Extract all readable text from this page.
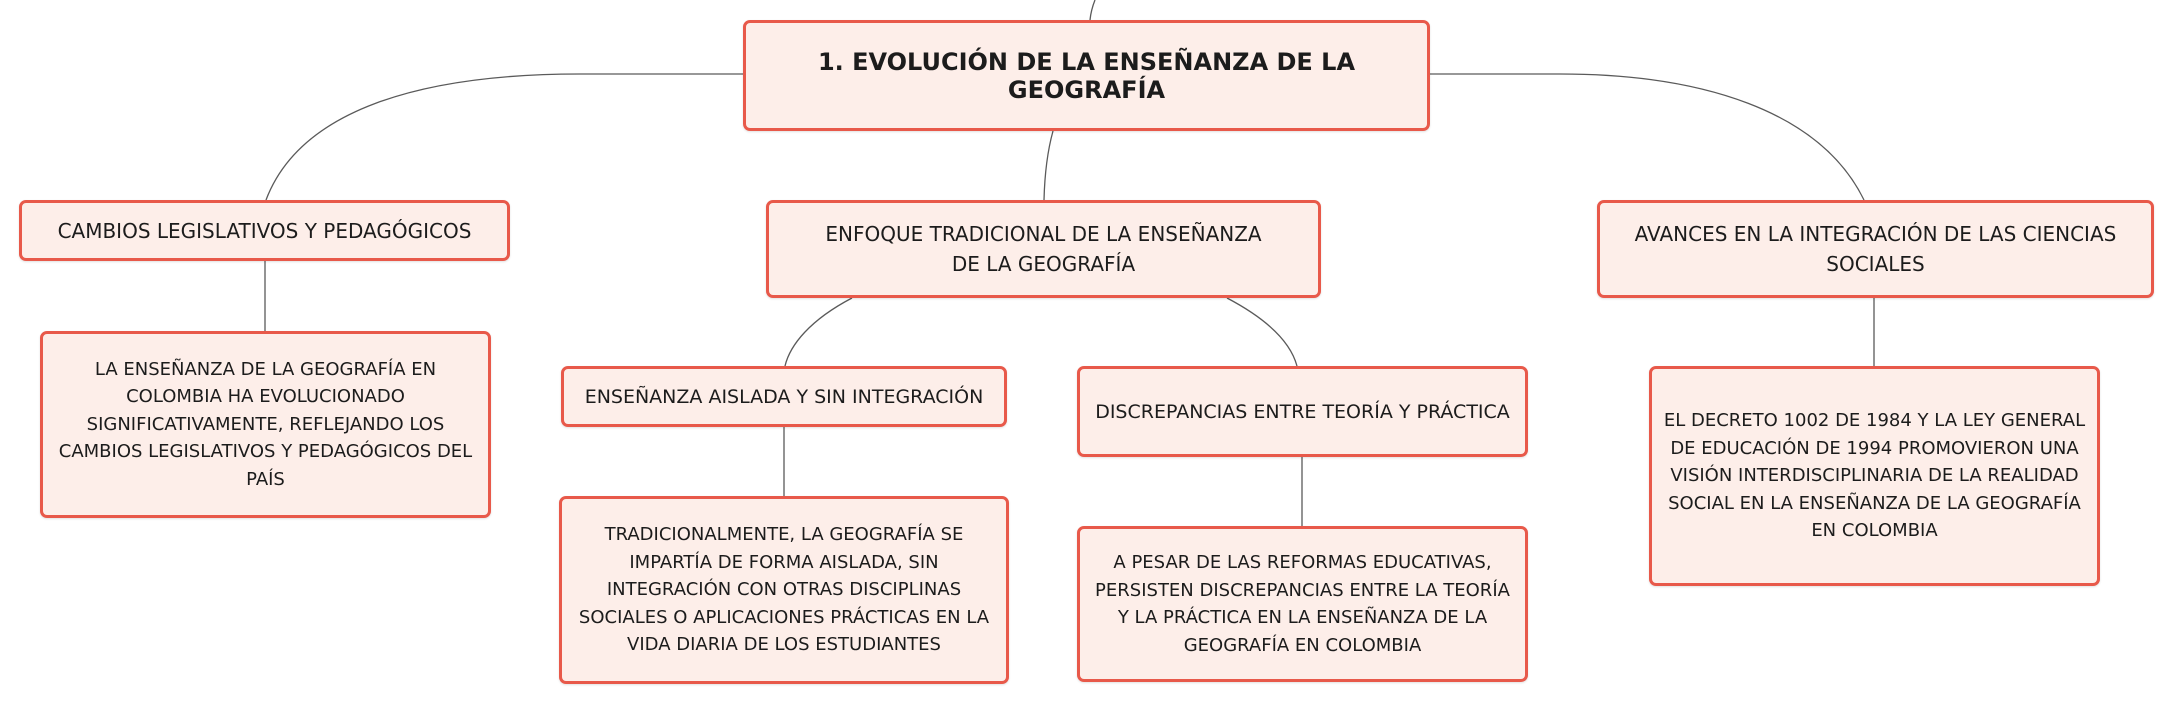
1. EVOLUCIÓN DE LA ENSEÑANZA DE LA GEOGRAFÍA
CAMBIOS LEGISLATIVOS Y PEDAGÓGICOS	ENFOQUE TRADICIONAL DE LA ENSEÑANZA DE LA GEOGRAFÍA
AVANCES EN LA INTEGRACIÓN DE LAS CIENCIAS SOCIALES
LA ENSEÑANZA DE LA GEOGRAFÍA EN COLOMBIA HA EVOLUCIONADO SIGNIFICATIVAMENTE, REFLEJANDO LOS CAMBIOS LEGISLATIVOS Y PEDAGÓGICOS DEL PAÍS
ENSEÑANZA AISLADA Y SIN INTEGRACIÓN
DISCREPANCIAS ENTRE TEORÍA Y PRÁCTICA
TRADICIONALMENTE, LA GEOGRAFÍA SE IMPARTÍA DE FORMA AISLADA, SIN INTEGRACIÓN CON OTRAS DISCIPLINAS SOCIALES O APLICACIONES PRÁCTICAS EN LA VIDA DIARIA DE LOS ESTUDIANTES
A PESAR DE LAS REFORMAS EDUCATIVAS, PERSISTEN DISCREPANCIAS ENTRE LA TEORÍA Y LA PRÁCTICA EN LA ENSEÑANZA DE LA GEOGRAFÍA EN COLOMBIA
EL DECRETO 1002 DE 1984 Y LA LEY GENERAL DE EDUCACIÓN DE 1994 PROMOVIERON UNA VISIÓN INTERDISCIPLINARIA DE LA REALIDAD SOCIAL EN LA ENSEÑANZA DE LA GEOGRAFÍA EN COLOMBIA
